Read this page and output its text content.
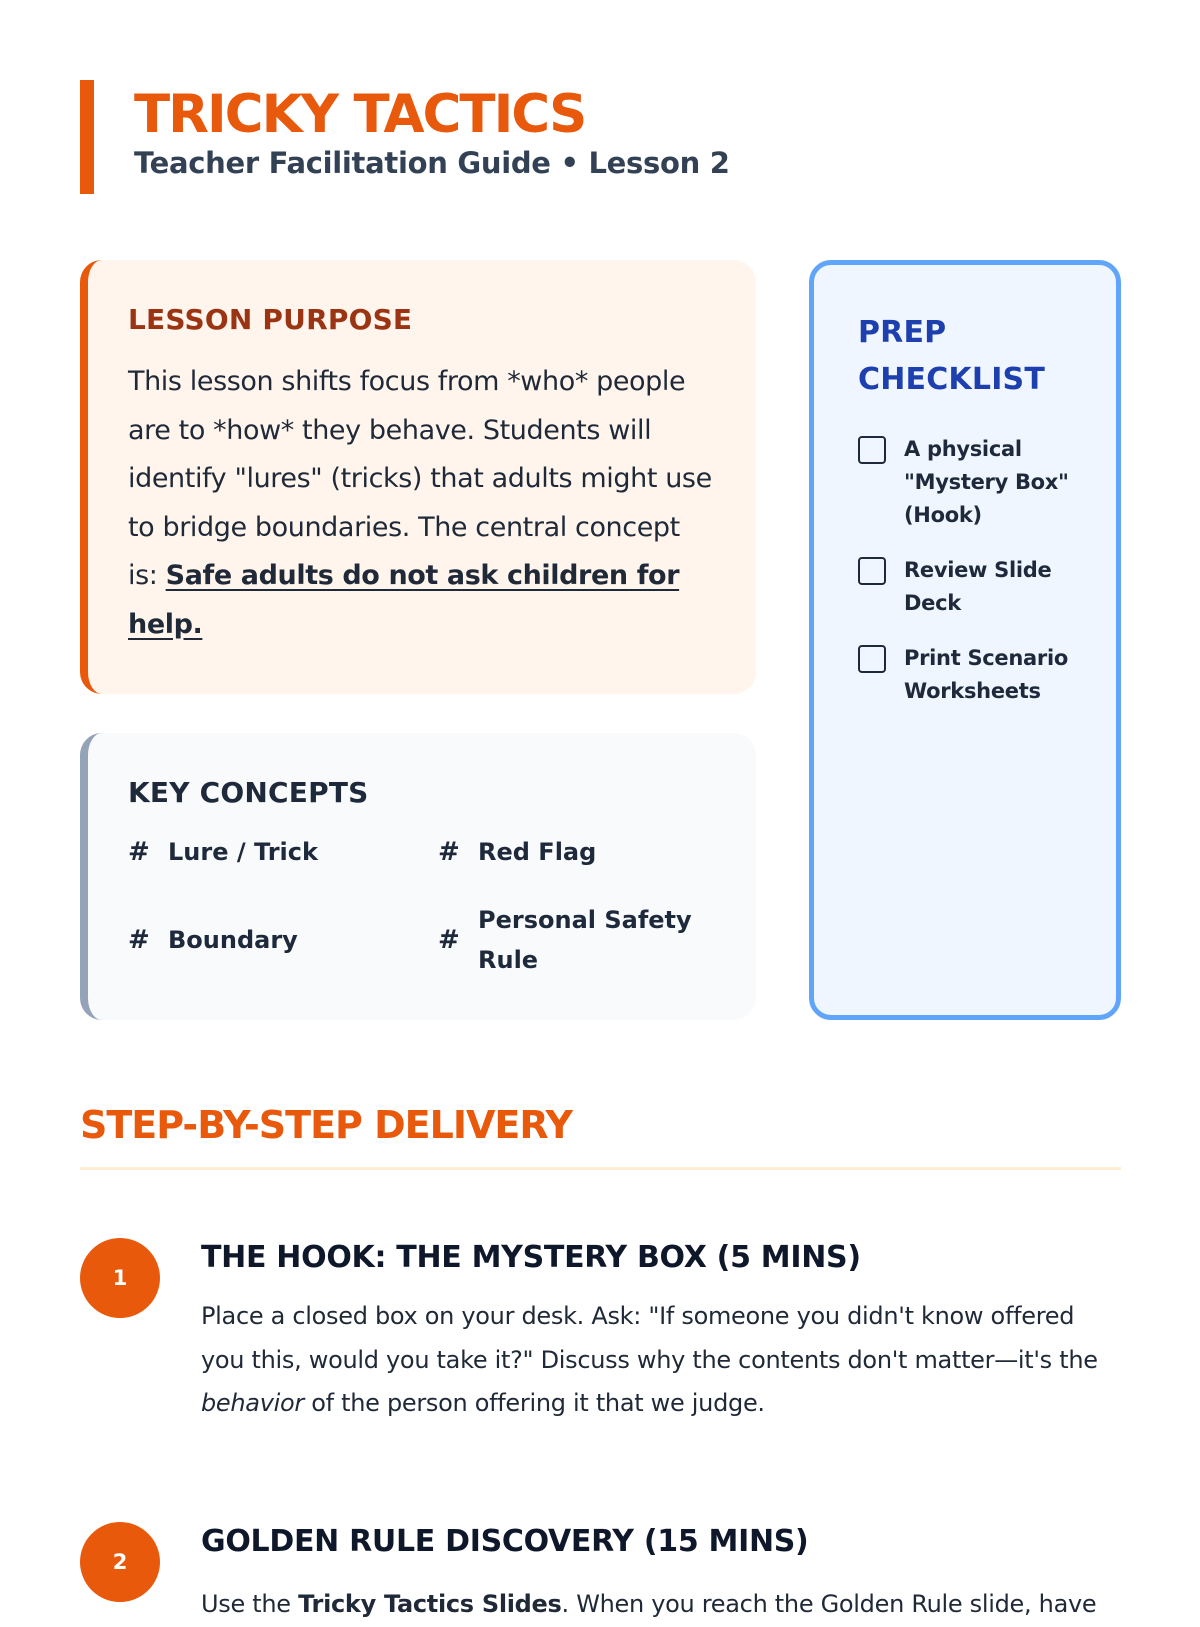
TRICKY TACTICS
Teacher Facilitation Guide • Lesson 2
LESSON PURPOSE
This lesson shifts focus from *who* people are to *how* they behave. Students will identify "lures" (tricks) that adults might use to bridge boundaries. The central concept is: Safe adults do not ask children for help.
KEY CONCEPTS
# Lure / Trick	# Red Flag
# Boundary	#
Personal Safety Rule
PREP CHECKLIST
A physical "Mystery Box" (Hook)
Review Slide Deck
Print Scenario Worksheets
STEP-BY-STEP DELIVERY
1
THE HOOK: THE MYSTERY BOX (5 MINS)
Place a closed box on your desk. Ask: "If someone you didn't know offered you this, would you take it?" Discuss why the contents don't matter—it's the behavior of the person offering it that we judge.
2
GOLDEN RULE DISCOVERY (15 MINS)
Use the Tricky Tactics Slides. When you reach the Golden Rule slide, have
